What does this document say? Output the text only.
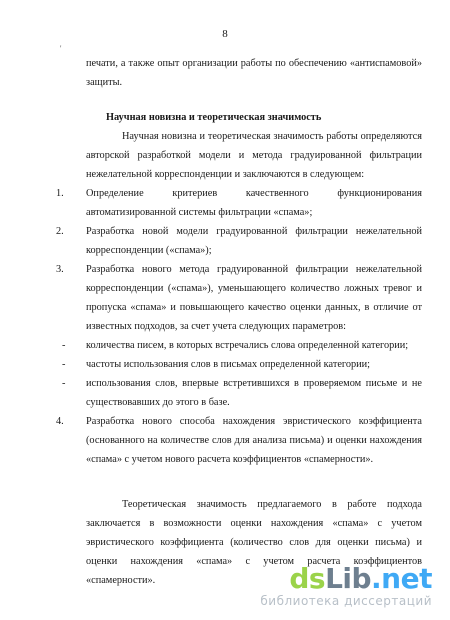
8
'

печати, а также опыт организации работы по обеспечению «антиспамовой» защиты.

Научная новизна и теоретическая значимость

Научная новизна и теоретическая значимость работы определяются авторской разработкой модели и метода градуированной фильтрации нежелательной корреспонденции и заключаются в следующем:

1. Определение критериев качественного функционирования автоматизированной системы фильтрации «спама»;

2. Разработка новой модели градуированной фильтрации нежелательной корреспонденции («спама»);

3. Разработка нового метода градуированной фильтрации нежелательной корреспонденции («спама»), уменьшающего количество ложных тревог и пропуска «спама» и повышающего качество оценки данных, в отличие от известных подходов, за счет учета следующих параметров:

- количества писем, в которых встречались слова определенной категории;

- частоты использования слов в письмах определенной категории;

- использования слов, впервые встретившихся в проверяемом письме и не существовавших до этого в базе.

4. Разработка нового способа нахождения эвристического коэффициента (основанного на количестве слов для анализа письма) и оценки нахождения «спама» с учетом нового расчета коэффициентов «спамерности».

Теоретическая значимость предлагаемого в работе подхода заключается в возможности оценки нахождения «спама» с учетом эвристического коэффициента (количество слов для оценки письма) и оценки нахождения «спама» с учетом расчета коэффициентов «спамерности».	dsLib.net
библиотека диссертаций
